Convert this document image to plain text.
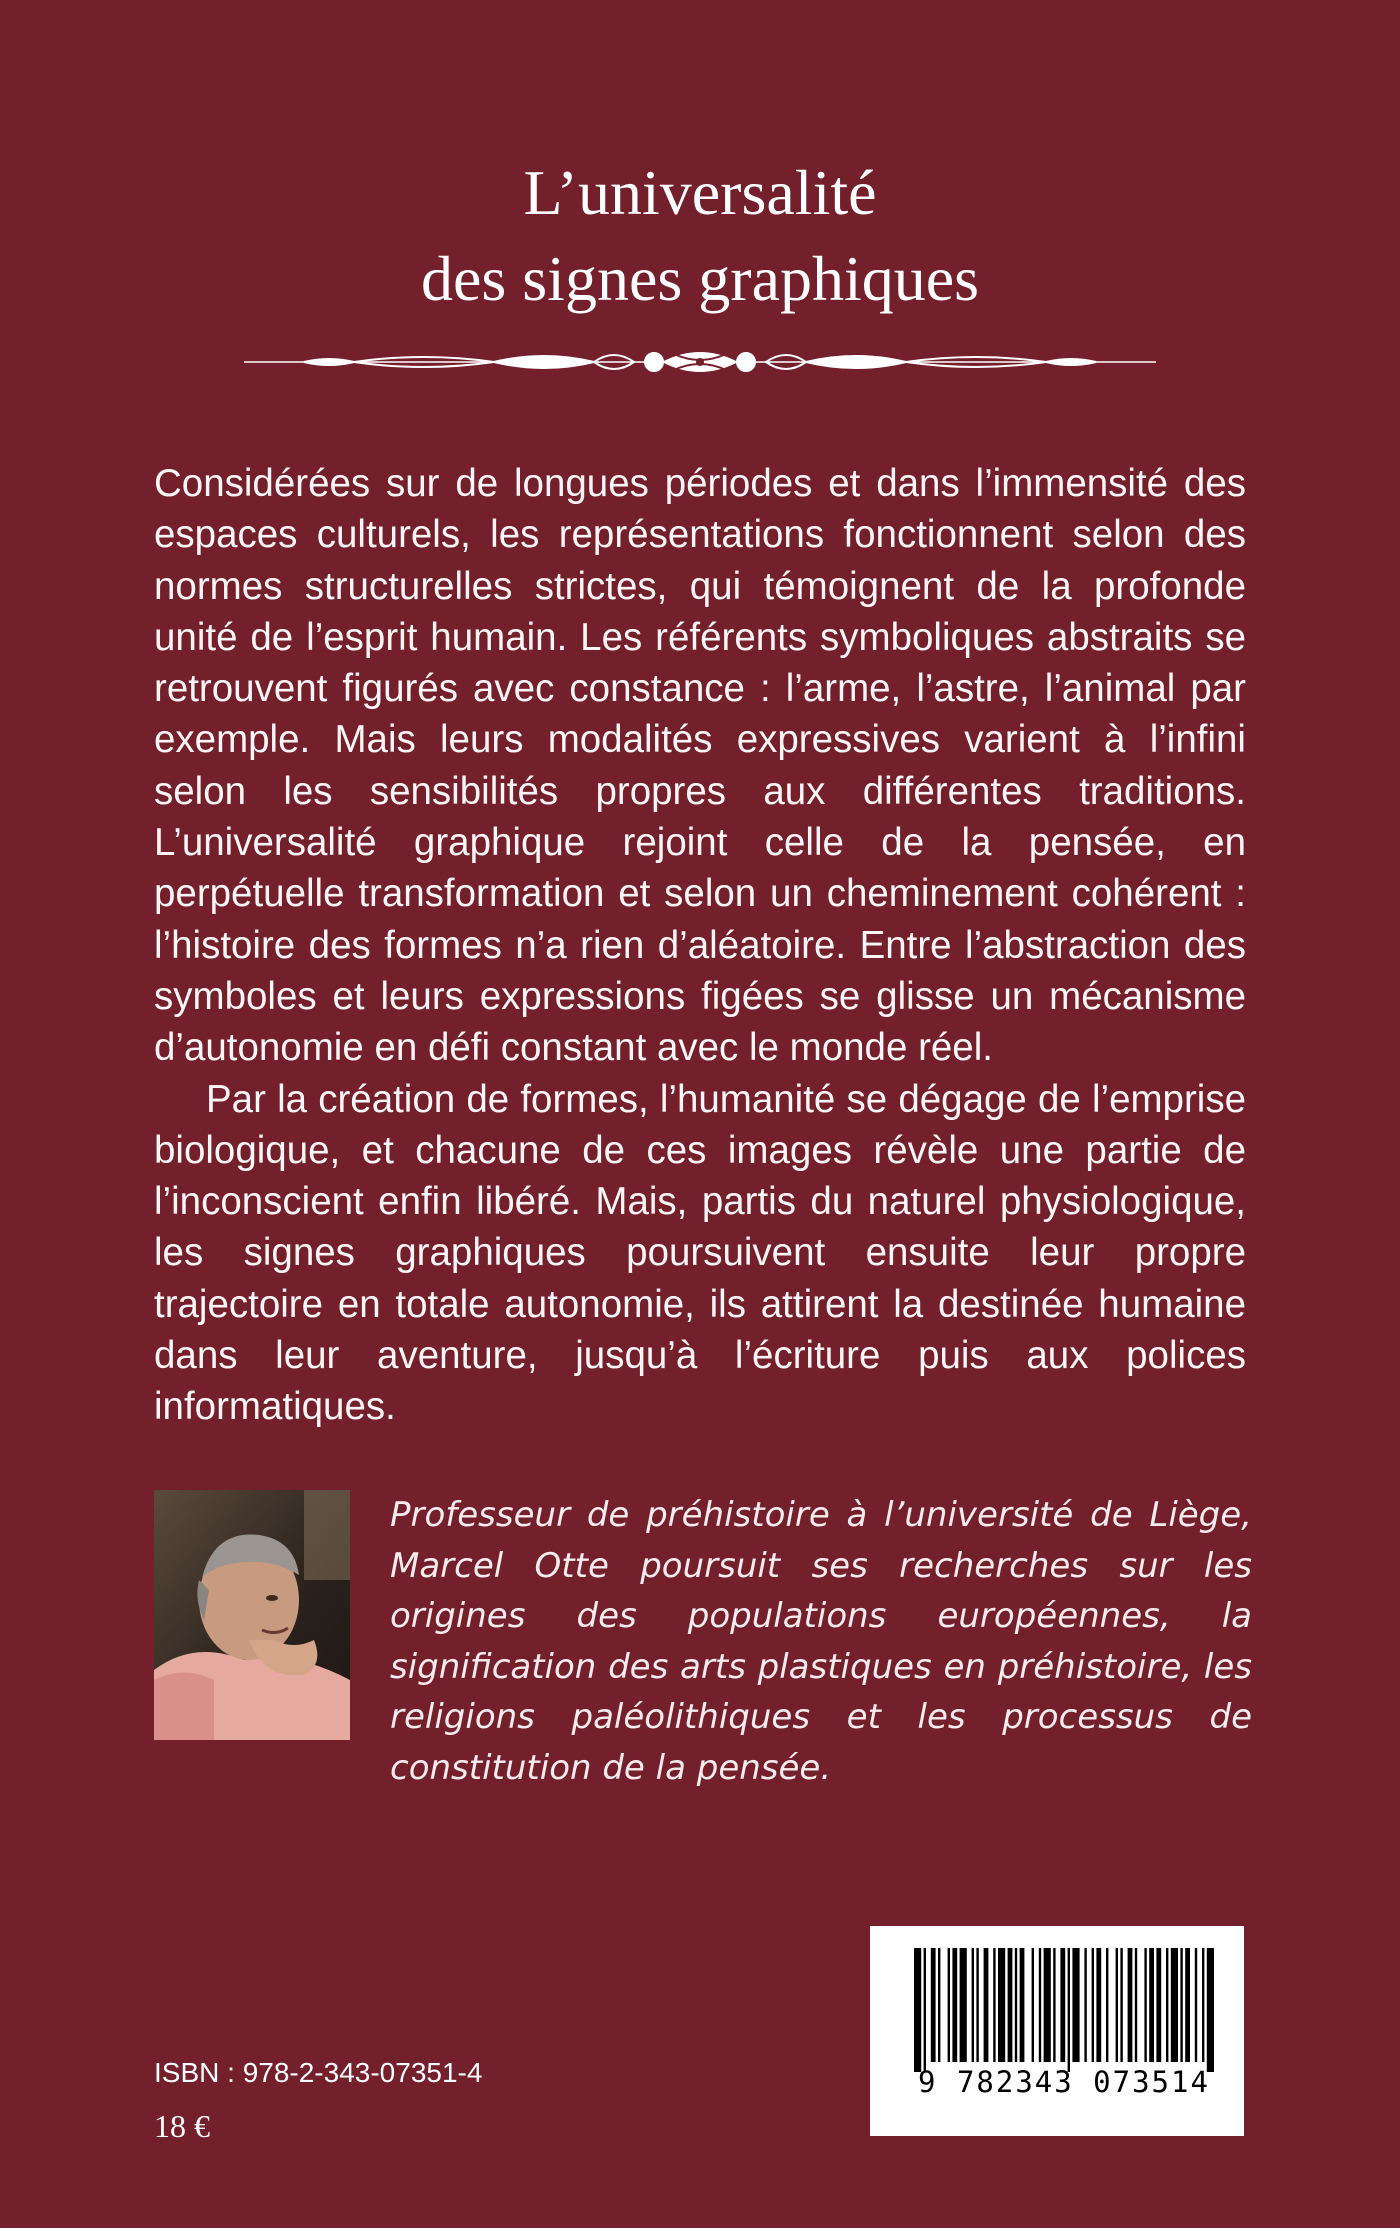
L’universalité
des signes graphiques

Considérées sur de longues périodes et dans l’immensité des espaces culturels, les représentations fonctionnent selon des normes structurelles strictes, qui témoignent de la profonde unité de l’esprit humain. Les référents symboliques abstraits se retrouvent figurés avec constance : l’arme, l’astre, l’animal par exemple. Mais leurs modalités expressives varient à l’infini selon les sensibilités propres aux différentes traditions. L’universalité graphique rejoint celle de la pensée, en perpétuelle transformation et selon un cheminement cohérent : l’histoire des formes n’a rien d’aléatoire. Entre l’abstraction des symboles et leurs expressions figées se glisse un mécanisme d’autonomie en défi constant avec le monde réel.

Par la création de formes, l’humanité se dégage de l’emprise biologique, et chacune de ces images révèle une partie de l’inconscient enfin libéré. Mais, partis du naturel physiologique, les signes graphiques poursuivent ensuite leur propre trajectoire en totale autonomie, ils attirent la destinée humaine dans leur aventure, jusqu’à l’écriture puis aux polices informatiques.

Professeur de préhistoire à l’université de Liège, Marcel Otte poursuit ses recherches sur les origines des populations européennes, la signification des arts plastiques en préhistoire, les religions paléolithiques et les processus de constitution de la pensée.

9 782343 073514
ISBN : 978-2-343-07351-4
18 €
